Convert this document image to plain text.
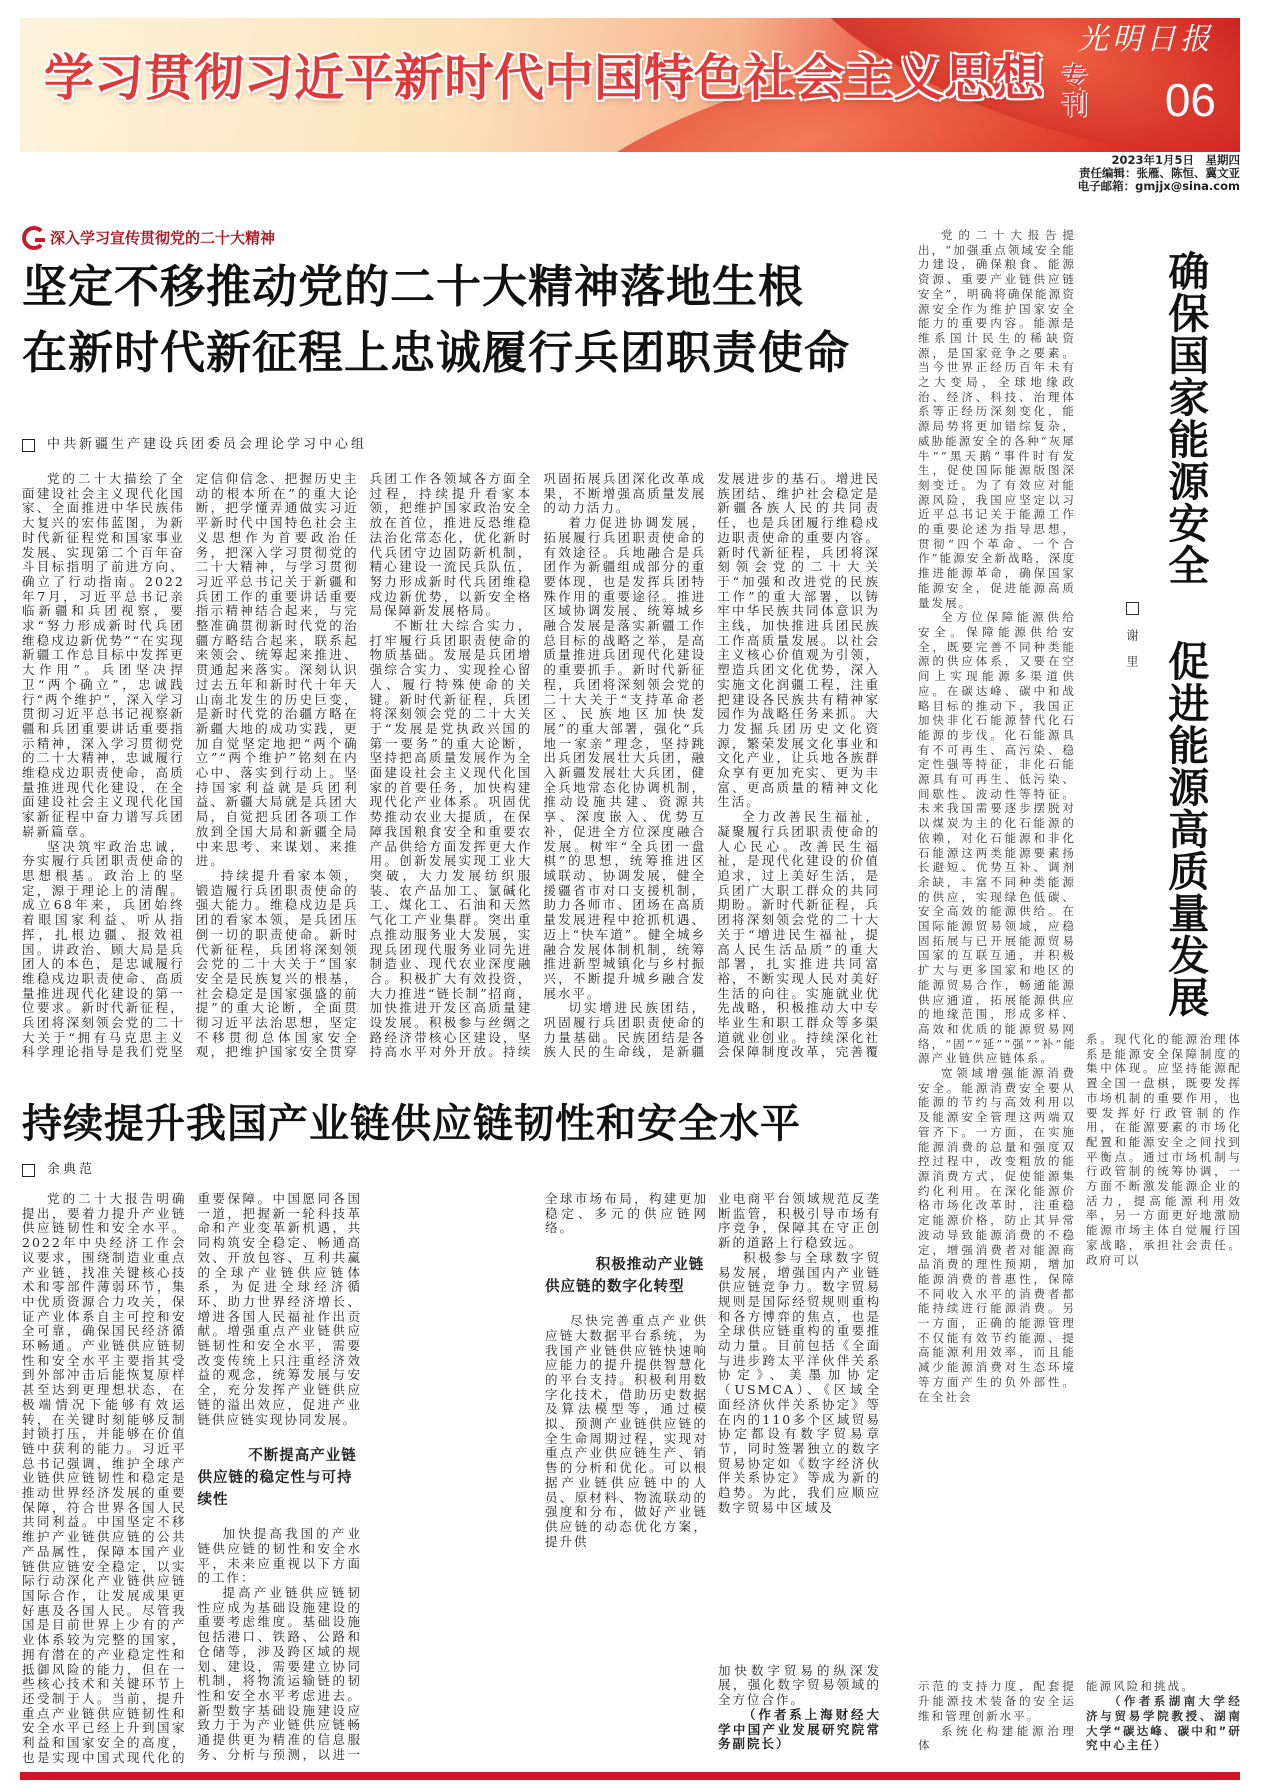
学习贯彻习近平新时代中国特色社会主义思想 专刊
光明日报
06
2023年1月5日　星期四
责任编辑：张雁、陈恒、冀文亚
电子邮箱：gmjjx@sina.com
深入学习宣传贯彻党的二十大精神
坚定不移推动党的二十大精神落地生根
在新时代新征程上忠诚履行兵团职责使命
中共新疆生产建设兵团委员会理论学习中心组

党的二十大描绘了全面建设社会主义现代化国家、全面推进中华民族伟大复兴的宏伟蓝图，为新时代新征程党和国家事业发展、实现第二个百年奋斗目标指明了前进方向、确立了行动指南。2022年7月，习近平总书记亲临新疆和兵团视察，要求“努力形成新时代兵团维稳戍边新优势”“在实现新疆工作总目标中发挥更大作用”。兵团坚决捍卫“两个确立”，忠诚践行“两个维护”，深入学习贯彻习近平总书记视察新疆和兵团重要讲话重要指示精神，深入学习贯彻党的二十大精神，忠诚履行维稳戍边职责使命，高质量推进现代化建设，在全面建设社会主义现代化国家新征程中奋力谱写兵团崭新篇章。

坚决筑牢政治忠诚，夯实履行兵团职责使命的思想根基。政治上的坚定，源于理论上的清醒。成立68年来，兵团始终着眼国家利益、听从指挥，扎根边疆、报效祖国。讲政治、顾大局是兵团人的本色，是忠诚履行维稳戍边职责使命、高质量推进现代化建设的第一位要求。新时代新征程，兵团将深刻领会党的二十大关于“拥有马克思主义科学理论指导是我们党坚定信仰信念、把握历史主动的根本所在”的重大论断，把学懂弄通做实习近平新时代中国特色社会主义思想作为首要政治任务，把深入学习贯彻党的二十大精神，与学习贯彻习近平总书记关于新疆和兵团工作的重要讲话重要指示精神结合起来，与完整准确贯彻新时代党的治疆方略结合起来，联系起来领会、统筹起来推进、贯通起来落实。深刻认识过去五年和新时代十年天山南北发生的历史巨变，是新时代党的治疆方略在新疆大地的成功实践，更加自觉坚定地把“两个确立”“两个维护”铭刻在内心中、落实到行动上。坚持国家利益就是兵团利益、新疆大局就是兵团大局，自觉把兵团各项工作放到全国大局和新疆全局中来思考、来谋划、来推进。

持续提升看家本领，锻造履行兵团职责使命的强大能力。维稳戍边是兵团的看家本领，是兵团压倒一切的职责使命。新时代新征程，兵团将深刻领会党的二十大关于“国家安全是民族复兴的根基，社会稳定是国家强盛的前提”的重大论断，全面贯彻习近平法治思想，坚定不移贯彻总体国家安全观，把维护国家安全贯穿兵团工作各领域各方面全过程，持续提升看家本领，把维护国家政治安全放在首位，推进反恐维稳法治化常态化，优化新时代兵团守边固防新机制，精心建设一流民兵队伍，努力形成新时代兵团维稳戍边新优势，以新安全格局保障新发展格局。

不断壮大综合实力，打牢履行兵团职责使命的物质基础。发展是兵团增强综合实力、实现拴心留人、履行特殊使命的关键。新时代新征程，兵团将深刻领会党的二十大关于“发展是党执政兴国的第一要务”的重大论断，坚持把高质量发展作为全面建设社会主义现代化国家的首要任务，加快构建现代化产业体系。巩固优势推动农业大提质，在保障我国粮食安全和重要农产品供给方面发挥更大作用。创新发展实现工业大突破，大力发展纺织服装、农产品加工、氯碱化工、煤化工、石油和天然气化工产业集群。突出重点推动服务业大发展，实现兵团现代服务业同先进制造业、现代农业深度融合。积极扩大有效投资，大力推进“链长制”招商，加快推进开发区高质量建设发展。积极参与丝绸之路经济带核心区建设，坚持高水平对外开放。持续巩固拓展兵团深化改革成果，不断增强高质量发展的动力活力。

着力促进协调发展，拓展履行兵团职责使命的有效途径。兵地融合是兵团作为新疆组成部分的重要体现，也是发挥兵团特殊作用的重要途径。推进区域协调发展、统筹城乡融合发展是落实新疆工作总目标的战略之举，是高质量推进兵团现代化建设的重要抓手。新时代新征程，兵团将深刻领会党的二十大关于“支持革命老区、民族地区加快发展”的重大部署，强化“兵地一家亲”理念，坚持跳出兵团发展壮大兵团，融入新疆发展壮大兵团，健全兵地常态化协调机制，推动设施共建、资源共享、深度嵌入、优势互补，促进全方位深度融合发展。树牢“全兵团一盘棋”的思想，统筹推进区域联动、协调发展，健全援疆省市对口支援机制，助力各师市、团场在高质量发展进程中抢抓机遇、迈上“快车道”。健全城乡融合发展体制机制，统筹推进新型城镇化与乡村振兴，不断提升城乡融合发展水平。

切实增进民族团结，巩固履行兵团职责使命的力量基础。民族团结是各族人民的生命线，是新疆发展进步的基石。增进民族团结、维护社会稳定是新疆各族人民的共同责任，也是兵团履行维稳戍边职责使命的重要内容。新时代新征程，兵团将深刻领会党的二十大关于“加强和改进党的民族工作”的重大部署，以铸牢中华民族共同体意识为主线，加快推进兵团民族工作高质量发展。以社会主义核心价值观为引领，塑造兵团文化优势，深入实施文化润疆工程，注重把建设各民族共有精神家园作为战略任务来抓。大力发掘兵团历史文化资源，繁荣发展文化事业和文化产业，让兵地各族群众享有更加充实、更为丰富、更高质量的精神文化生活。

全力改善民生福祉，凝聚履行兵团职责使命的人心民心。改善民生福祉，是现代化建设的价值追求，过上美好生活，是兵团广大职工群众的共同期盼。新时代新征程，兵团将深刻领会党的二十大关于“增进民生福祉，提高人民生活品质”的重大部署，扎实推进共同富裕，不断实现人民对美好生活的向往。实施就业优先战略，积极推动大中专毕业生和职工群众等多渠道就业创业。持续深化社会保障制度改革，完善覆

持续提升我国产业链供应链韧性和安全水平
余典范

党的二十大报告明确提出，要着力提升产业链供应链韧性和安全水平。2022年中央经济工作会议要求，围绕制造业重点产业链，找准关键核心技术和零部件薄弱环节，集中优质资源合力攻关，保证产业体系自主可控和安全可靠，确保国民经济循环畅通。产业链供应链韧性和安全水平主要指其受到外部冲击后能恢复原样甚至达到更理想状态，在极端情况下能够有效运转，在关键时刻能够反制封锁打压，并能够在价值链中获利的能力。习近平总书记强调，维护全球产业链供应链韧性和稳定是推动世界经济发展的重要保障，符合世界各国人民共同利益。中国坚定不移维护产业链供应链的公共产品属性，保障本国产业链供应链安全稳定，以实际行动深化产业链供应链国际合作，让发展成果更好惠及各国人民。尽管我国是目前世界上少有的产业体系较为完整的国家，拥有潜在的产业稳定性和抵御风险的能力，但在一些核心技术和关键环节上还受制于人。当前，提升重点产业链供应链韧性和安全水平已经上升到国家利益和国家安全的高度，也是实现中国式现代化的重要保障。中国愿同各国一道，把握新一轮科技革命和产业变革新机遇，共同构筑安全稳定、畅通高效、开放包容、互利共赢的全球产业链供应链体系，为促进全球经济循环、助力世界经济增长、增进各国人民福祉作出贡献。增强重点产业链供应链韧性和安全水平，需要改变传统上只注重经济效益的观念，统筹发展与安全，充分发挥产业链供应链的溢出效应，促进产业链供应链实现协同发展。

不断提高产业链供应链的稳定性与可持续性

加快提高我国的产业链供应链的韧性和安全水平，未来应重视以下方面的工作：

提高产业链供应链韧性应成为基础设施建设的重要考虑维度。基础设施包括港口、铁路、公路和仓储等，涉及跨区域的规划、建设，需要建立协同机制，将物流运输链的韧性和安全水平考虑进去。新型数字基础设施建设应致力于为产业链供应链畅通提供更为精准的信息服务、分析与预测，以进一

全球市场布局，构建更加稳定、多元的供应链网络。

积极推动产业链供应链的数字化转型

尽快完善重点产业供应链大数据平台系统，为我国产业链供应链快速响应能力的提升提供智慧化的平台支持。积极利用数字化技术，借助历史数据及算法模型等，通过模拟、预测产业链供应链的全生命周期过程，实现对重点产业供应链生产、销售的分析和优化。可以根据产业链供应链中的人员、原材料、物流联动的强度和分布，做好产业链供应链的动态优化方案，提升供

业电商平台领域规范反垄断监管，积极引导市场有序竞争，保障其在守正创新的道路上行稳致远。

积极参与全球数字贸易发展，增强国内产业链供应链竞争力。数字贸易规则是国际经贸规则重构和各方博弈的焦点，也是全球供应链重构的重要推动力量。目前包括《全面与进步跨太平洋伙伴关系协定》、美墨加协定（USMCA）、《区域全面经济伙伴关系协定》等在内的110多个区域贸易协定都设有数字贸易章节，同时签署独立的数字贸易协定如《数字经济伙伴关系协定》等成为新的趋势。为此，我们应顺应数字贸易中区域及

加快数字贸易的纵深发展，强化数字贸易领域的全方位合作。

（作者系上海财经大学中国产业发展研究院常务副院长）

党的二十大报告提出，“加强重点领域安全能力建设，确保粮食、能源资源、重要产业链供应链安全”，明确将确保能源资源安全作为维护国家安全能力的重要内容。能源是维系国计民生的稀缺资源，是国家竞争之要素。当今世界正经历百年未有之大变局，全球地缘政治、经济、科技、治理体系等正经历深刻变化，能源局势将更加错综复杂，威胁能源安全的各种“灰犀牛”“黑天鹅”事件时有发生，促使国际能源版图深刻变迁。为了有效应对能源风险，我国应坚定以习近平总书记关于能源工作的重要论述为指导思想，贯彻“四个革命、一个合作”能源安全新战略，深度推进能源革命，确保国家能源安全，促进能源高质量发展。

全方位保障能源供给安全。保障能源供给安全，既要完善不同种类能源的供应体系，又要在空间上实现能源多渠道供应。在碳达峰、碳中和战略目标的推动下，我国正加快非化石能源替代化石能源的步伐。化石能源具有不可再生、高污染、稳定性强等特征，非化石能源具有可再生、低污染、间歇性、波动性等特征。未来我国需要逐步摆脱对以煤炭为主的化石能源的依赖，对化石能源和非化石能源这两类能源要素扬长避短、优势互补、调剂余缺，丰富不同种类能源的供应，实现绿色低碳、安全高效的能源供给。在国际能源贸易领域，应稳固拓展与已开展能源贸易国家的互联互通，并积极扩大与更多国家和地区的能源贸易合作，畅通能源供应通道，拓展能源供应的地缘范围，形成多样、高效和优质的能源贸易网络，“固”“延”“强”“补”能源产业链供应链体系。

宽领域增强能源消费安全。能源消费安全要从能源的节约与高效利用以及能源安全管理这两端双管齐下。一方面，在实施能源消费的总量和强度双控过程中，改变粗放的能源消费方式，促使能源集约化利用。在深化能源价格市场化改革时，注重稳定能源价格，防止其异常波动导致能源消费的不稳定，增强消费者对能源商品消费的理性预期，增加能源消费的普惠性，保障不同收入水平的消费者都能持续进行能源消费。另一方面，正确的能源管理不仅能有效节约能源、提高能源利用效率，而且能减少能源消费对生态环境等方面产生的负外部性。在全社会

示范的支持力度，配套提升能源技术装备的安全运维和管理创新水平。

系统化构建能源治理体

系。现代化的能源治理体系是能源安全保障制度的集中体现。应坚持能源配置全国一盘棋，既要发挥市场机制的重要作用，也要发挥好行政管制的作用，在能源要素的市场化配置和能源安全之间找到平衡点。通过市场机制与行政管制的统筹协调，一方面不断激发能源企业的活力，提高能源利用效率，另一方面更好地激励能源市场主体自觉履行国家战略，承担社会责任。政府可以

能源风险和挑战。

（作者系湖南大学经济与贸易学院教授、湖南大学“碳达峰、碳中和”研究中心主任）

确保国家能源安全
促进能源高质量发展
谢里
